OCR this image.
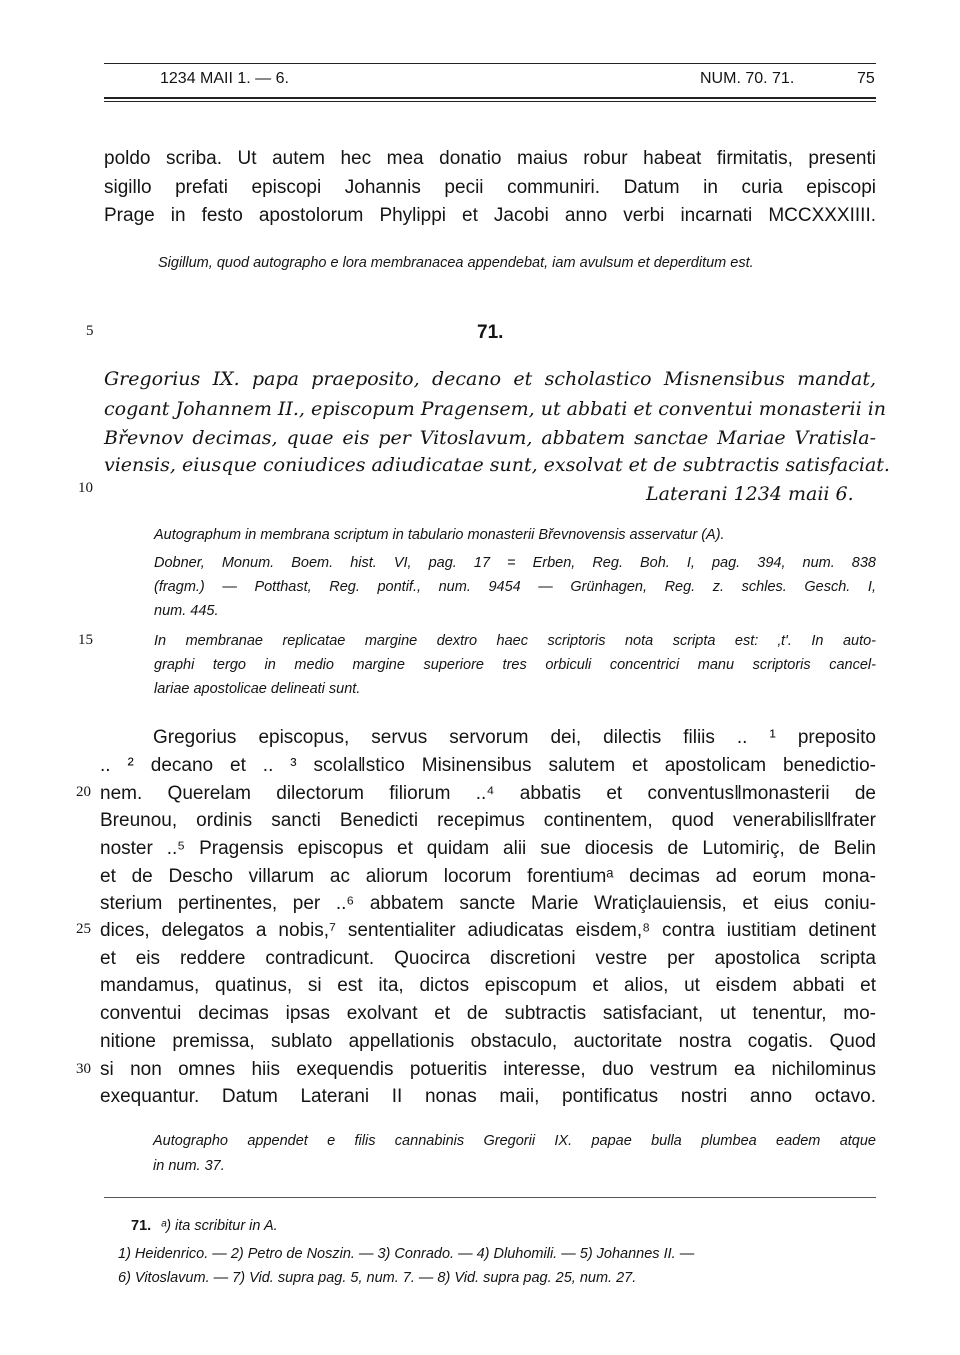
1234 MAII 1. — 6.	NUM. 70. 71.	75
poldo scriba. Ut autem hec mea donatio maius robur habeat firmitatis, presenti
sigillo prefati episcopi Johannis pecii communiri. Datum in curia episcopi
Prage in festo apostolorum Phylippi et Jacobi anno verbi incarnati MCCXXXIIII.
Sigillum, quod autographo e lora membranacea appendebat, iam avulsum et deperditum est.
5
10
15
20
25
30
71.
Gregorius IX. papa praeposito, decano et scholastico Misnensibus mandat,
cogant Johannem II., episcopum Pragensem, ut abbati et conventui monasterii in
Břevnov decimas, quae eis per Vitoslavum, abbatem sanctae Mariae Vratisla-
viensis, eiusque coniudices adiudicatae sunt, exsolvat et de subtractis satisfaciat.
Laterani 1234 maii 6.
Autographum in membrana scriptum in tabulario monasterii Břevnovensis asservatur (A).
Dobner, Monum. Boem. hist. VI, pag. 17 = Erben, Reg. Boh. I, pag. 394, num. 838
(fragm.) — Potthast, Reg. pontif., num. 9454 — Grünhagen, Reg. z. schles. Gesch. I,
num. 445.
In membranae replicatae margine dextro haec scriptoris nota scripta est: ‚t'. In auto-
graphi tergo in medio margine superiore tres orbiculi concentrici manu scriptoris cancel-
lariae apostolicae delineati sunt.
Gregorius episcopus, servus servorum dei, dilectis filiis .. ¹ preposito
.. ² decano et .. ³ scola‖stico Misinensibus salutem et apostolicam benedictio-
nem. Querelam dilectorum filiorum ..⁴ abbatis et conventus‖monasterii de
Breunou, ordinis sancti Benedicti recepimus continentem, quod venerabilis‖frater
noster ..⁵ Pragensis episcopus et quidam alii sue diocesis de Lutomiriç, de Belin
et de Descho villarum ac aliorum locorum forentiumᵃ decimas ad eorum mona-
sterium pertinentes, per ..⁶ abbatem sancte Marie Wratiçlauiensis, et eius coniu-
dices, delegatos a nobis,⁷ sententialiter adiudicatas eisdem,⁸ contra iustitiam detinent
et eis reddere contradicunt. Quocirca discretioni vestre per apostolica scripta
mandamus, quatinus, si est ita, dictos episcopum et alios, ut eisdem abbati et
conventui decimas ipsas exolvant et de subtractis satisfaciant, ut tenentur, mo-
nitione premissa, sublato appellationis obstaculo, auctoritate nostra cogatis. Quod
si non omnes hiis exequendis potueritis interesse, duo vestrum ea nichilominus
exequantur. Datum Laterani II nonas maii, pontificatus nostri anno octavo.
Autographo appendet e filis cannabinis Gregorii IX. papae bulla plumbea eadem atque
in num. 37.
71. ᵃ) ita scribitur in A.
1) Heidenrico. — 2) Petro de Noszin. — 3) Conrado. — 4) Dluhomili. — 5) Johannes II. —
6) Vitoslavum. — 7) Vid. supra pag. 5, num. 7. — 8) Vid. supra pag. 25, num. 27.
